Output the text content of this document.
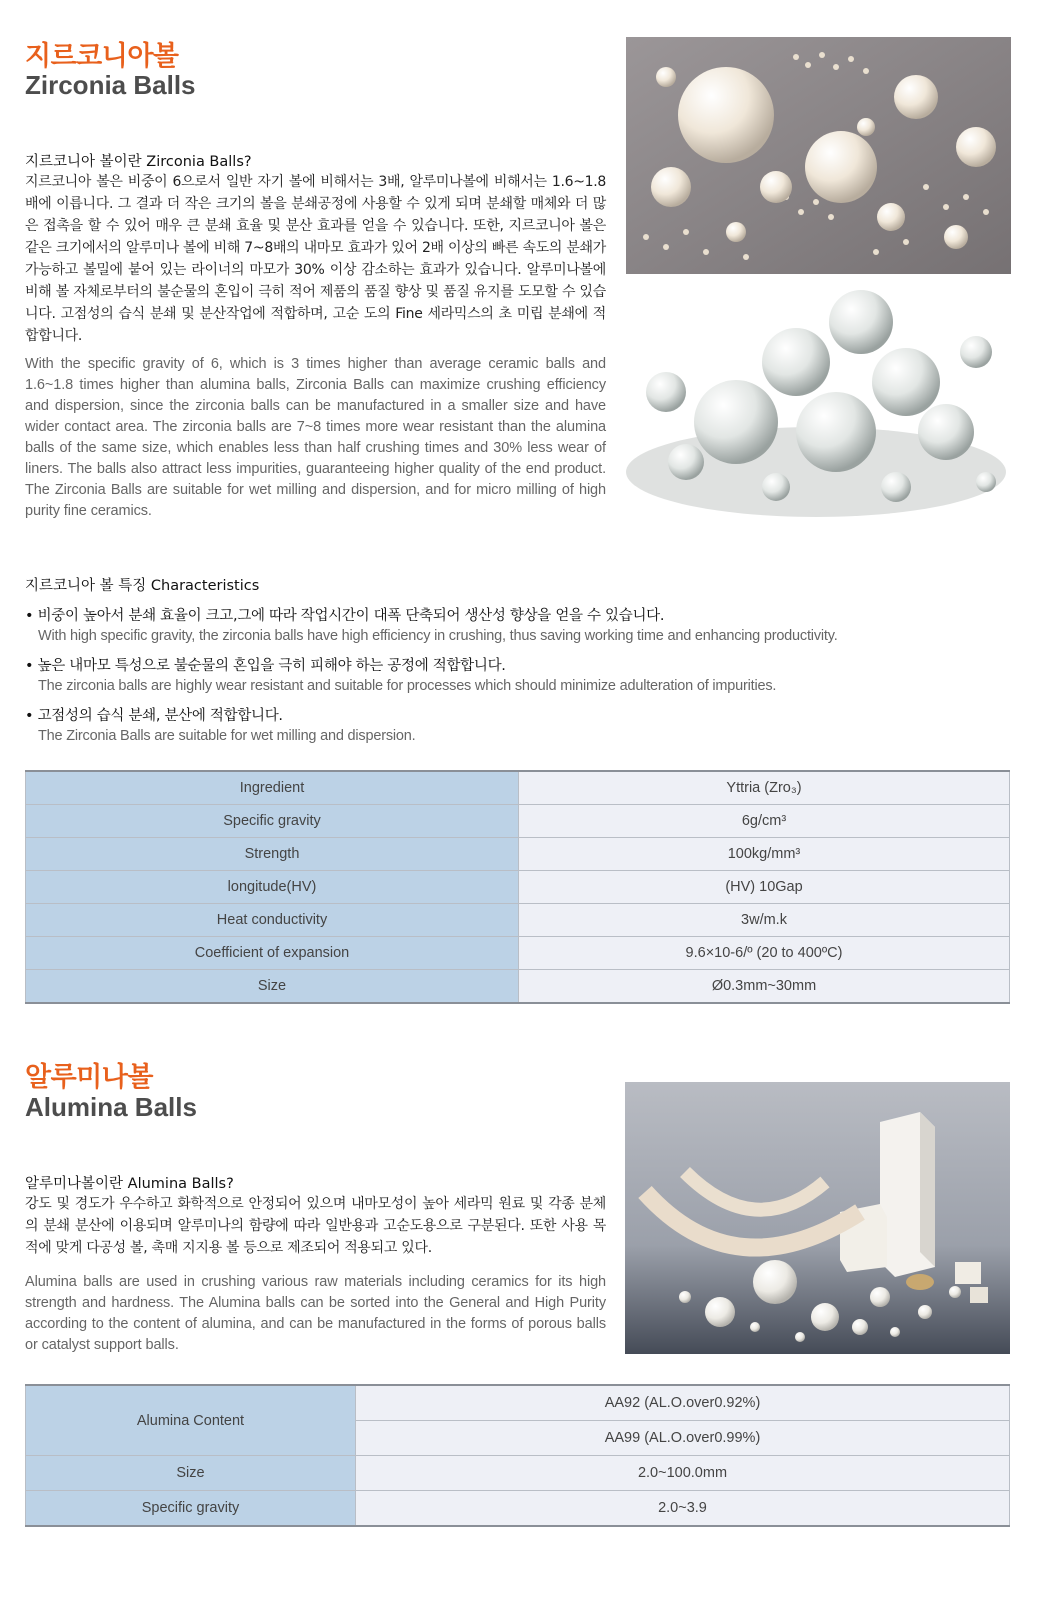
지르코니아볼
Zirconia Balls
지르코니아 볼이란 Zirconia Balls?
지르코니아 볼은 비중이 6으로서 일반 자기 볼에 비해서는 3배, 알루미나볼에 비해서는 1.6~1.8배에 이릅니다. 그 결과 더 작은 크기의 볼을 분쇄공정에 사용할 수 있게 되며 분쇄할 매체와 더 많은 접촉을 할 수 있어 매우 큰 분쇄 효율 및 분산 효과를 얻을 수 있습니다. 또한, 지르코니아 볼은 같은 크기에서의 알루미나 볼에 비해 7~8배의 내마모 효과가 있어 2배 이상의 빠른 속도의 분쇄가 가능하고 볼밀에 붙어 있는 라이너의 마모가 30% 이상 감소하는 효과가 있습니다. 알루미나볼에 비해 볼 자체로부터의 불순물의 혼입이 극히 적어 제품의 품질 향상 및 품질 유지를 도모할 수 있습니다. 고점성의 습식 분쇄 및 분산작업에 적합하며, 고순 도의 Fine 세라믹스의 초 미립 분쇄에 적합합니다.
With the specific gravity of 6, which is 3 times higher than average ceramic balls and 1.6~1.8 times higher than alumina balls, Zirconia Balls can maximize crushing efficiency and dispersion, since the zirconia balls can be manufactured in a smaller size and have wider contact area. The zirconia balls are 7~8 times more wear resistant than the alumina balls of the same size, which enables less than half crushing times and 30% less wear of liners. The balls also attract less impurities, guaranteeing higher quality of the end product. The Zirconia Balls are suitable for wet milling and dispersion, and for micro milling of high purity fine ceramics.
지르코니아 볼 특징 Characteristics
• 비중이 높아서 분쇄 효율이 크고,그에 따라 작업시간이 대폭 단축되어 생산성 향상을 얻을 수 있습니다.
With high specific gravity, the zirconia balls have high efficiency in crushing, thus saving working time and enhancing productivity.
• 높은 내마모 특성으로 불순물의 혼입을 극히 피해야 하는 공정에 적합합니다.
The zirconia balls are highly wear resistant and suitable for processes which should minimize adulteration of impurities.
• 고점성의 습식 분쇄, 분산에 적합합니다.
The Zirconia Balls are suitable for wet milling and dispersion.
Ingredient	Yttria (Zro₃)
Specific gravity	6g/cm³
Strength	100kg/mm³
longitude(HV)	(HV) 10Gap
Heat conductivity	3w/m.k
Coefficient of expansion	9.6×10-6/º (20 to 400ºC)
Size	Ø0.3mm~30mm
알루미나볼
Alumina Balls
알루미나볼이란 Alumina Balls?
강도 및 경도가 우수하고 화학적으로 안정되어 있으며 내마모성이 높아 세라믹 원료 및 각종 분체의 분쇄 분산에 이용되며 알루미나의 함량에 따라 일반용과 고순도용으로 구분된다. 또한 사용 목적에 맞게 다공성 볼, 촉매 지지용 볼 등으로 제조되어 적용되고 있다.
Alumina balls are used in crushing various raw materials including ceramics for its high strength and hardness. The Alumina balls can be sorted into the General and High Purity according to the content of alumina, and can be manufactured in the forms of porous balls or catalyst support balls.
Alumina Content	AA92 (AL.O.over0.92%)
	AA99 (AL.O.over0.99%)
Size	2.0~100.0mm
Specific gravity	2.0~3.9
